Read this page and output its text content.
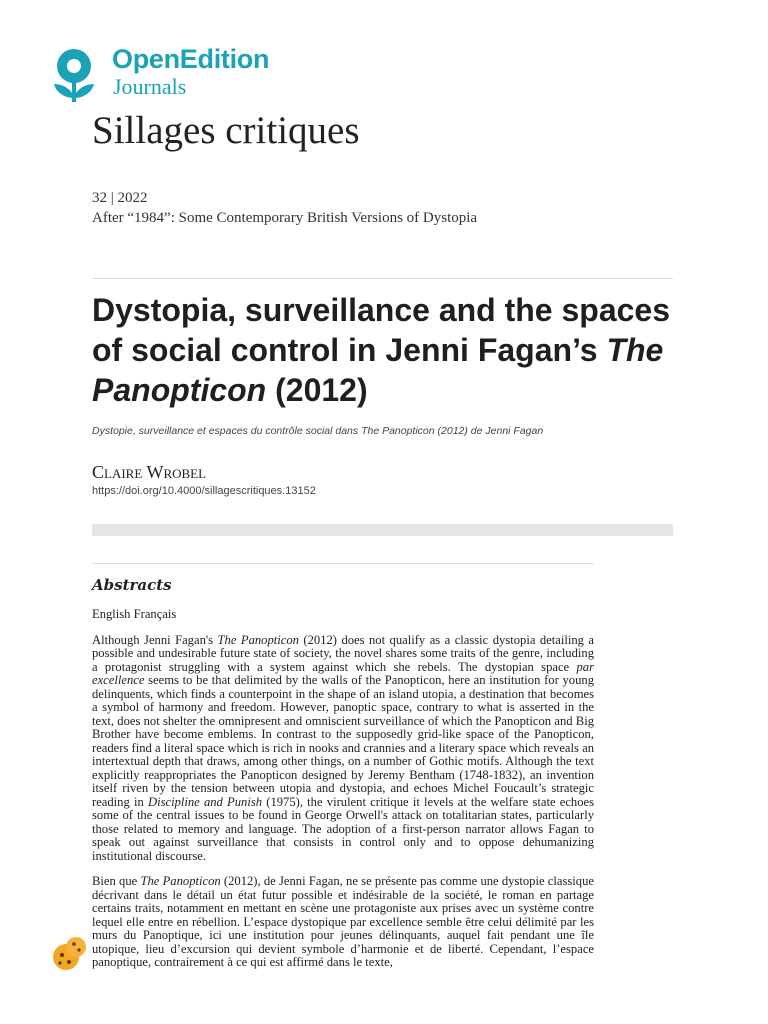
OpenEdition
Journals
Sillages critiques
32 | 2022
After “1984”: Some Contemporary British Versions of Dystopia
Dystopia, surveillance and the spaces of social control in Jenni Fagan’s The Panopticon (2012)
Dystopie, surveillance et espaces du contrôle social dans The Panopticon (2012) de Jenni Fagan
Claire Wrobel
https://doi.org/10.4000/sillagescritiques.13152
Abstracts

English Français

Although Jenni Fagan's The Panopticon (2012) does not qualify as a classic dystopia detailing a possible and undesirable future state of society, the novel shares some traits of the genre, including a protagonist struggling with a system against which she rebels. The dystopian space par excellence seems to be that delimited by the walls of the Panopticon, here an institution for young delinquents, which finds a counterpoint in the shape of an island utopia, a destination that becomes a symbol of harmony and freedom. However, panoptic space, contrary to what is asserted in the text, does not shelter the omnipresent and omniscient surveillance of which the Panopticon and Big Brother have become emblems. In contrast to the supposedly grid-like space of the Panopticon, readers find a literal space which is rich in nooks and crannies and a literary space which reveals an intertextual depth that draws, among other things, on a number of Gothic motifs. Although the text explicitly reappropriates the Panopticon designed by Jeremy Bentham (1748-1832), an invention itself riven by the tension between utopia and dystopia, and echoes Michel Foucault’s strategic reading in Discipline and Punish (1975), the virulent critique it levels at the welfare state echoes some of the central issues to be found in George Orwell's attack on totalitarian states, particularly those related to memory and language. The adoption of a first-person narrator allows Fagan to speak out against surveillance that consists in control only and to oppose dehumanizing institutional discourse.

Bien que The Panopticon (2012), de Jenni Fagan, ne se présente pas comme une dystopie classique décrivant dans le détail un état futur possible et indésirable de la société, le roman en partage certains traits, notamment en mettant en scène une protagoniste aux prises avec un système contre lequel elle entre en rébellion. L’espace dystopique par excellence semble être celui délimité par les murs du Panoptique, ici une institution pour jeunes délinquants, auquel fait pendant une île utopique, lieu d’excursion qui devient symbole d’harmonie et de liberté. Cependant, l’espace panoptique, contrairement à ce qui est affirmé dans le texte,
